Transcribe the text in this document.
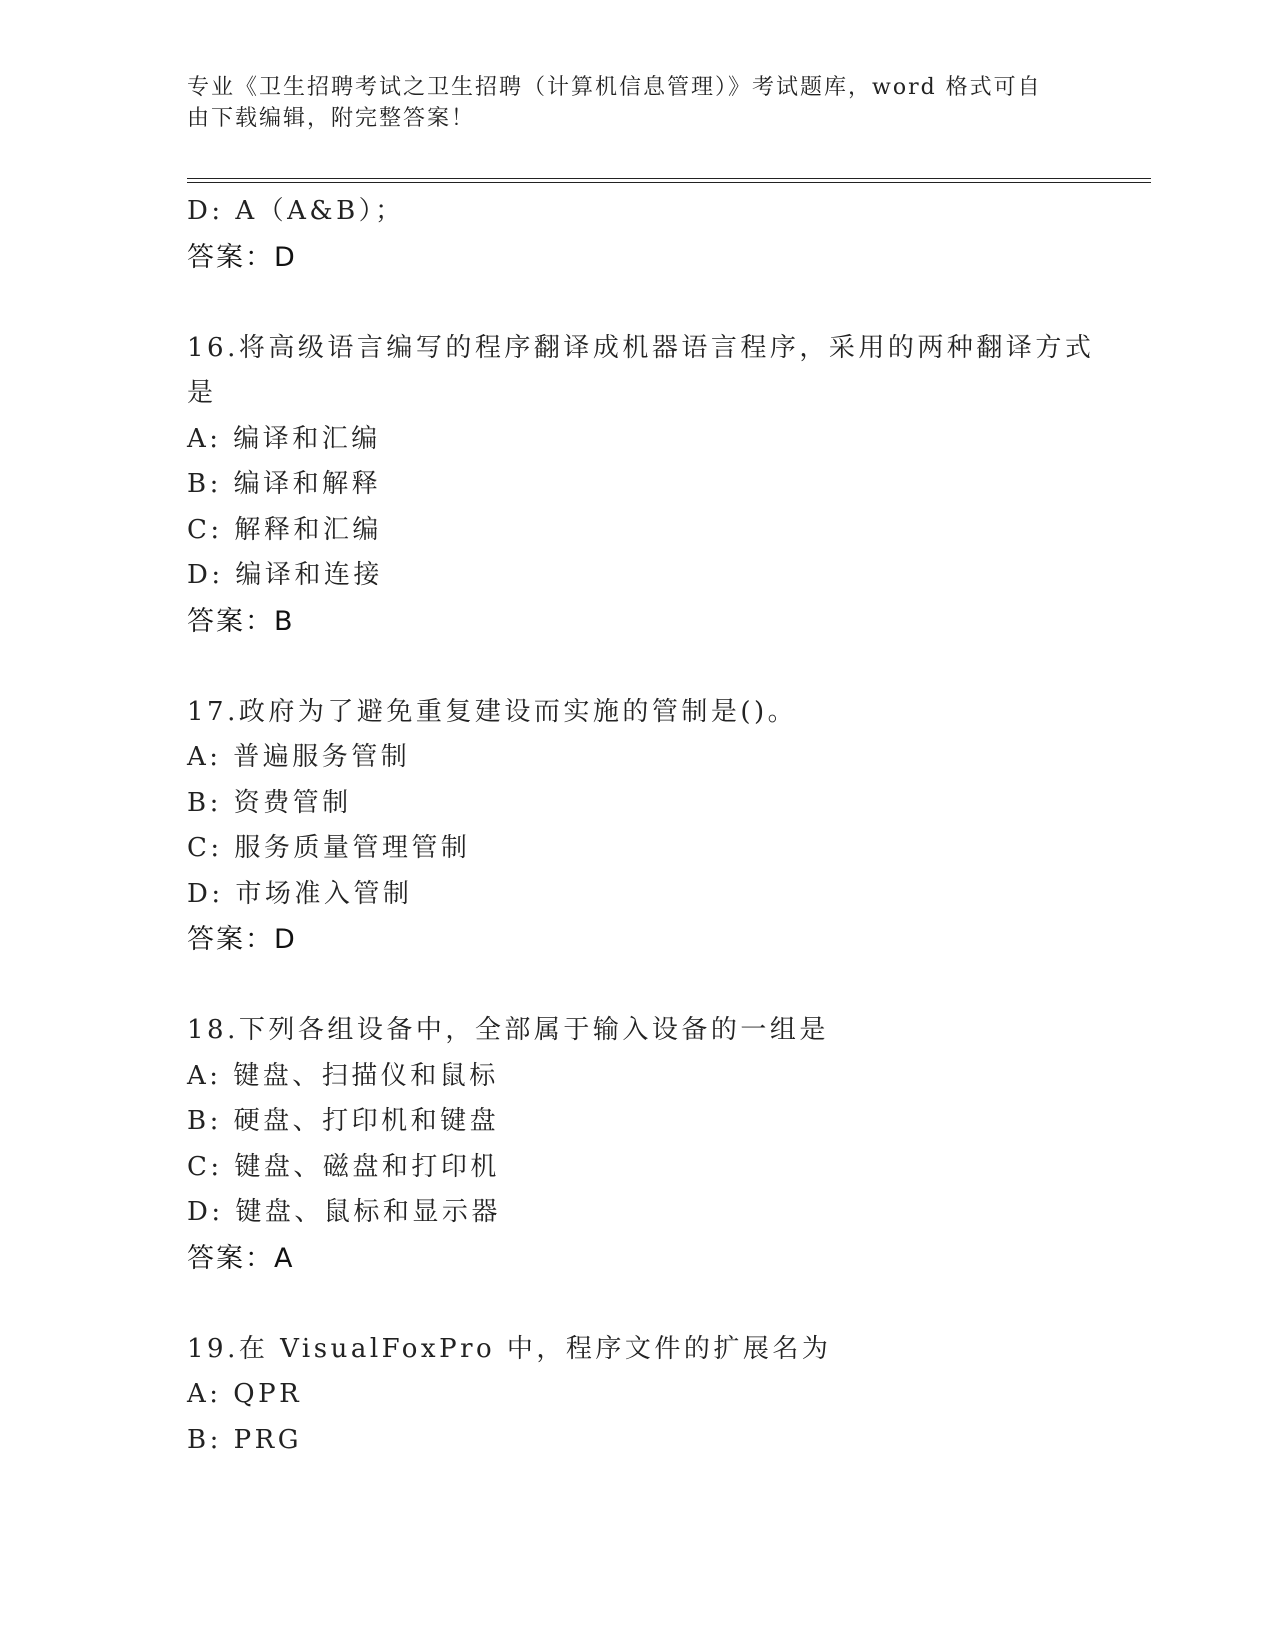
专业《卫生招聘考试之卫生招聘（计算机信息管理）》考试题库，word 格式可自
由下载编辑，附完整答案！
D: A（A&B）；
答案：D
16.将高级语言编写的程序翻译成机器语言程序，采用的两种翻译方式
是
A: 编译和汇编
B: 编译和解释
C: 解释和汇编
D: 编译和连接
答案：B
17.政府为了避免重复建设而实施的管制是()。
A: 普遍服务管制
B: 资费管制
C: 服务质量管理管制
D: 市场准入管制
答案：D
18.下列各组设备中，全部属于输入设备的一组是
A: 键盘、扫描仪和鼠标
B: 硬盘、打印机和键盘
C: 键盘、磁盘和打印机
D: 键盘、鼠标和显示器
答案：A
19.在 VisualFoxPro 中，程序文件的扩展名为
A: QPR
B: PRG
